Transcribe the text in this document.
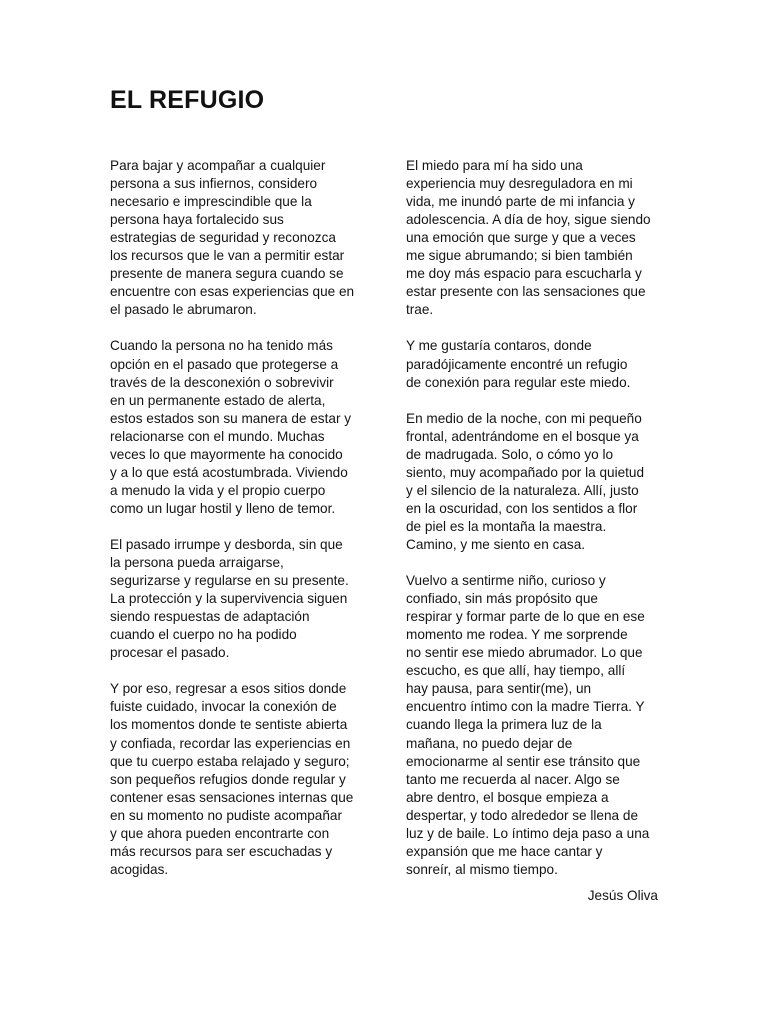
EL REFUGIO

Para bajar y acompañar a cualquier
persona a sus infiernos, considero
necesario e imprescindible que la
persona haya fortalecido sus
estrategias de seguridad y reconozca
los recursos que le van a permitir estar
presente de manera segura cuando se
encuentre con esas experiencias que en
el pasado le abrumaron.

Cuando la persona no ha tenido más
opción en el pasado que protegerse a
través de la desconexión o sobrevivir
en un permanente estado de alerta,
estos estados son su manera de estar y
relacionarse con el mundo. Muchas
veces lo que mayormente ha conocido
y a lo que está acostumbrada. Viviendo
a menudo la vida y el propio cuerpo
como un lugar hostil y lleno de temor.

El pasado irrumpe y desborda, sin que
la persona pueda arraigarse,
segurizarse y regularse en su presente.
La protección y la supervivencia siguen
siendo respuestas de adaptación
cuando el cuerpo no ha podido
procesar el pasado.

Y por eso, regresar a esos sitios donde
fuiste cuidado, invocar la conexión de
los momentos donde te sentiste abierta
y confiada, recordar las experiencias en
que tu cuerpo estaba relajado y seguro;
son pequeños refugios donde regular y
contener esas sensaciones internas que
en su momento no pudiste acompañar
y que ahora pueden encontrarte con
más recursos para ser escuchadas y
acogidas.

El miedo para mí ha sido una
experiencia muy desreguladora en mi
vida, me inundó parte de mi infancia y
adolescencia. A día de hoy, sigue siendo
una emoción que surge y que a veces
me sigue abrumando; si bien también
me doy más espacio para escucharla y
estar presente con las sensaciones que
trae.

Y me gustaría contaros, donde
paradójicamente encontré un refugio
de conexión para regular este miedo.

En medio de la noche, con mi pequeño
frontal, adentrándome en el bosque ya
de madrugada. Solo, o cómo yo lo
siento, muy acompañado por la quietud
y el silencio de la naturaleza. Allí, justo
en la oscuridad, con los sentidos a flor
de piel es la montaña la maestra.
Camino, y me siento en casa.

Vuelvo a sentirme niño, curioso y
confiado, sin más propósito que
respirar y formar parte de lo que en ese
momento me rodea. Y me sorprende
no sentir ese miedo abrumador. Lo que
escucho, es que allí, hay tiempo, allí
hay pausa, para sentir(me), un
encuentro íntimo con la madre Tierra. Y
cuando llega la primera luz de la
mañana, no puedo dejar de
emocionarme al sentir ese tránsito que
tanto me recuerda al nacer. Algo se
abre dentro, el bosque empieza a
despertar, y todo alrededor se llena de
luz y de baile. Lo íntimo deja paso a una
expansión que me hace cantar y
sonreír, al mismo tiempo.

Jesús Oliva
